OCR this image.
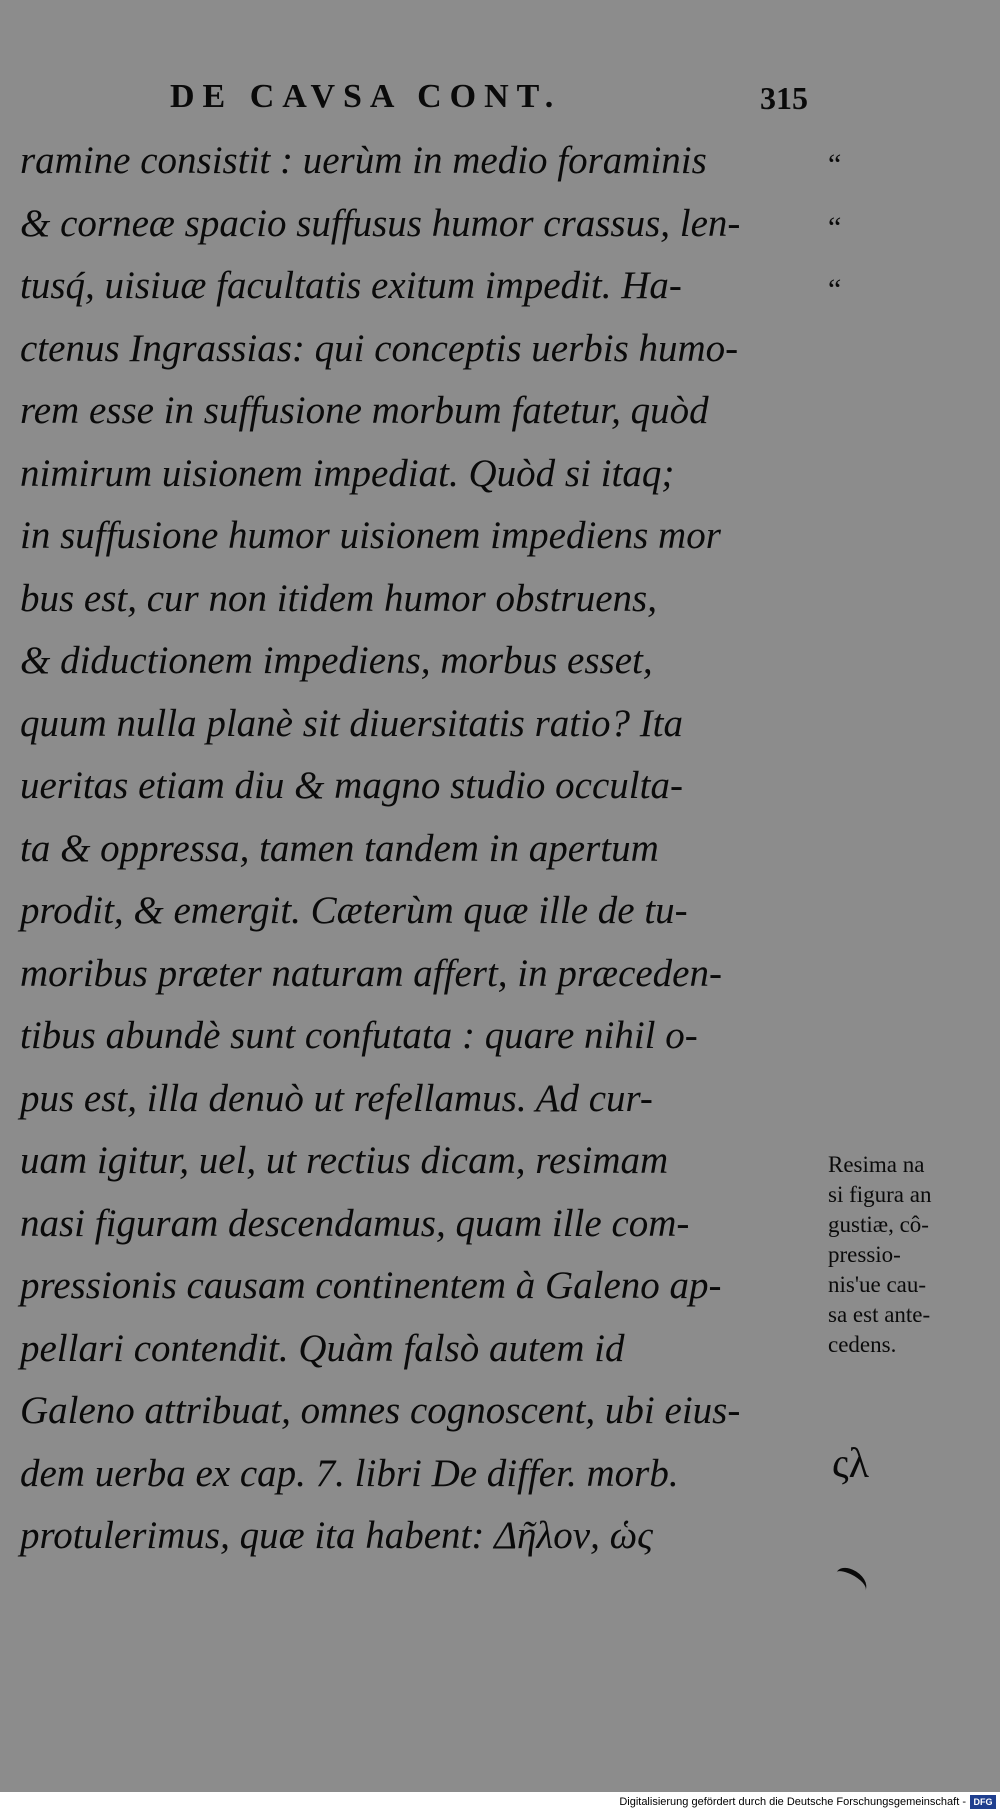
DE CAVSA CONT.	315
ramine consistit : uerùm in medio foraminis
& corneæ spacio suffusus humor crassus, len-
tusq́, uisiuæ facultatis exitum impedit. Ha-
ctenus Ingrassias: qui conceptis uerbis humo-
rem esse in suffusione morbum fatetur, quòd
nimirum uisionem impediat. Quòd si itaq;
in suffusione humor uisionem impediens mor
bus est, cur non itidem humor obstruens,
& diductionem impediens, morbus esset,
quum nulla planè sit diuersitatis ratio? Ita
ueritas etiam diu & magno studio occulta-
ta & oppressa, tamen tandem in apertum
prodit, & emergit. Cæterùm quæ ille de tu-
moribus præter naturam affert, in præceden-
tibus abundè sunt confutata : quare nihil o-
pus est, illa denuò ut refellamus. Ad cur-
uam igitur, uel, ut rectius dicam, resimam
nasi figuram descendamus, quam ille com-
pressionis causam continentem à Galeno ap-
pellari contendit. Quàm falsò autem id
Galeno attribuat, omnes cognoscent, ubi eius-
dem uerba ex cap. 7. libri De differ. morb.
protulerimus, quæ ita habent: Δῆλον, ὡς
“
“
“
Resima na
si figura an
gustiæ, cô-
pressio-
nis'ue cau-
sa est ante-
cedens.
ςλ
Digitalisierung gefördert durch die Deutsche Forschungsgemeinschaft - DFG
